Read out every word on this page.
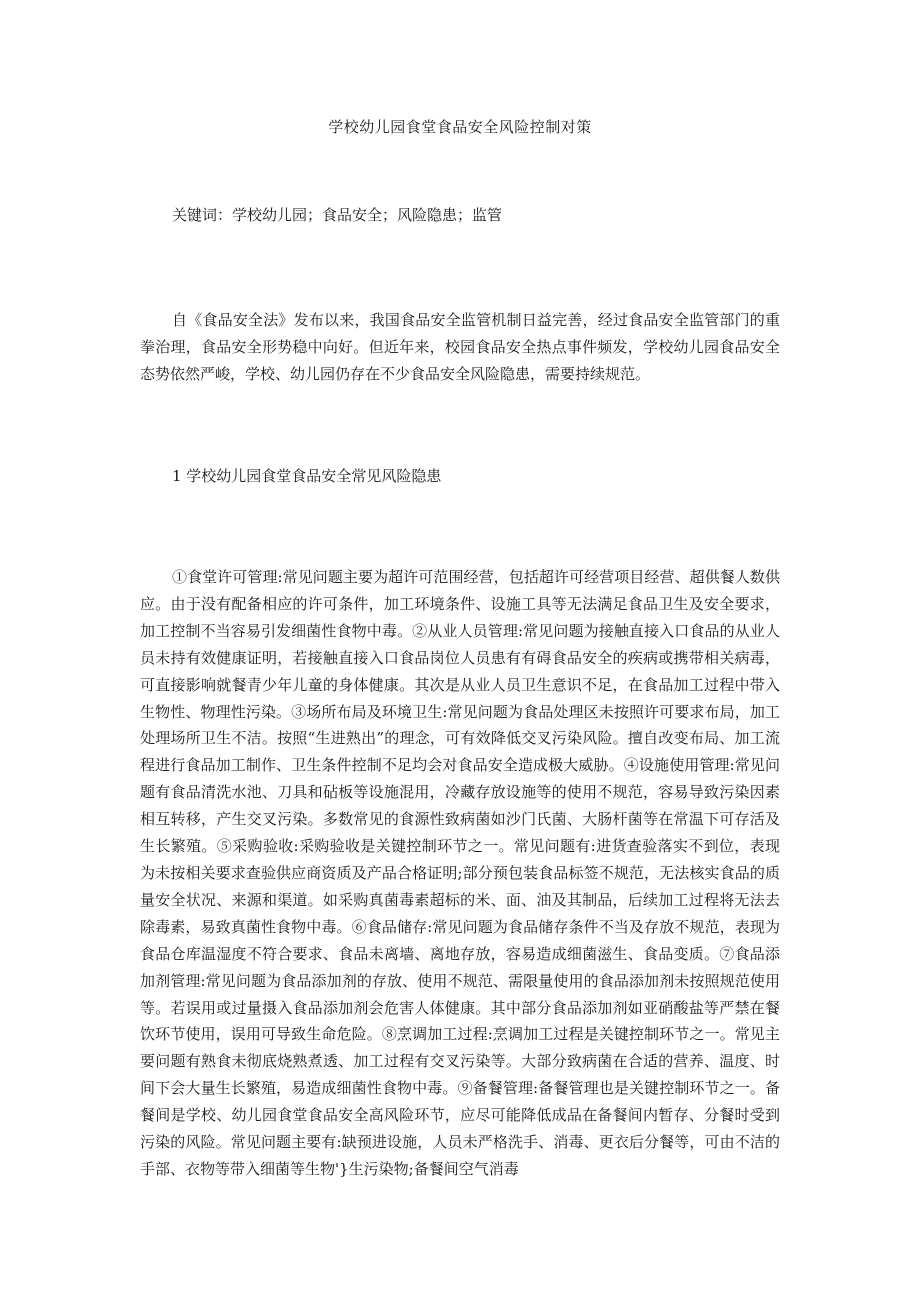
学校幼儿园食堂食品安全风险控制对策
关键词：学校幼儿园；食品安全；风险隐患；监管

自《食品安全法》发布以来，我国食品安全监管机制日益完善，经过食品安全监管部门的重拳治理，食品安全形势稳中向好。但近年来，校园食品安全热点事件频发，学校幼儿园食品安全态势依然严峻，学校、幼儿园仍存在不少食品安全风险隐患，需要持续规范。

1 学校幼儿园食堂食品安全常见风险隐患

①食堂许可管理:常见问题主要为超许可范围经营，包括超许可经营项目经营、超供餐人数供应。由于没有配备相应的许可条件，加工环境条件、设施工具等无法满足食品卫生及安全要求，加工控制不当容易引发细菌性食物中毒。②从业人员管理:常见问题为接触直接入口食品的从业人员未持有效健康证明，若接触直接入口食品岗位人员患有有碍食品安全的疾病或携带相关病毒，可直接影响就餐青少年儿童的身体健康。其次是从业人员卫生意识不足，在食品加工过程中带入生物性、物理性污染。③场所布局及环境卫生:常见问题为食品处理区未按照许可要求布局，加工处理场所卫生不洁。按照“生进熟出”的理念，可有效降低交叉污染风险。擅自改变布局、加工流程进行食品加工制作、卫生条件控制不足均会对食品安全造成极大威胁。④设施使用管理:常见问题有食品清洗水池、刀具和砧板等设施混用，冷藏存放设施等的使用不规范，容易导致污染因素相互转移，产生交叉污染。多数常见的食源性致病菌如沙门氏菌、大肠杆菌等在常温下可存活及生长繁殖。⑤采购验收:采购验收是关键控制环节之一。常见问题有:进货查验落实不到位，表现为未按相关要求查验供应商资质及产品合格证明;部分预包装食品标签不规范，无法核实食品的质量安全状况、来源和渠道。如采购真菌毒素超标的米、面、油及其制品，后续加工过程将无法去除毒素，易致真菌性食物中毒。⑥食品储存:常见问题为食品储存条件不当及存放不规范，表现为食品仓库温湿度不符合要求、食品未离墙、离地存放，容易造成细菌滋生、食品变质。⑦食品添加剂管理:常见问题为食品添加剂的存放、使用不规范、需限量使用的食品添加剂未按照规范使用等。若误用或过量摄入食品添加剂会危害人体健康。其中部分食品添加剂如亚硝酸盐等严禁在餐饮环节使用，误用可导致生命危险。⑧烹调加工过程:烹调加工过程是关键控制环节之一。常见主要问题有熟食未彻底烧熟煮透、加工过程有交叉污染等。大部分致病菌在合适的营养、温度、时间下会大量生长繁殖，易造成细菌性食物中毒。⑨备餐管理:备餐管理也是关键控制环节之一。备餐间是学校、幼儿园食堂食品安全高风险环节，应尽可能降低成品在备餐间内暂存、分餐时受到污染的风险。常见问题主要有:缺预进设施，人员未严格洗手、消毒、更衣后分餐等，可由不洁的手部、衣物等带入细菌等生物'}生污染物;备餐间空气消毒
